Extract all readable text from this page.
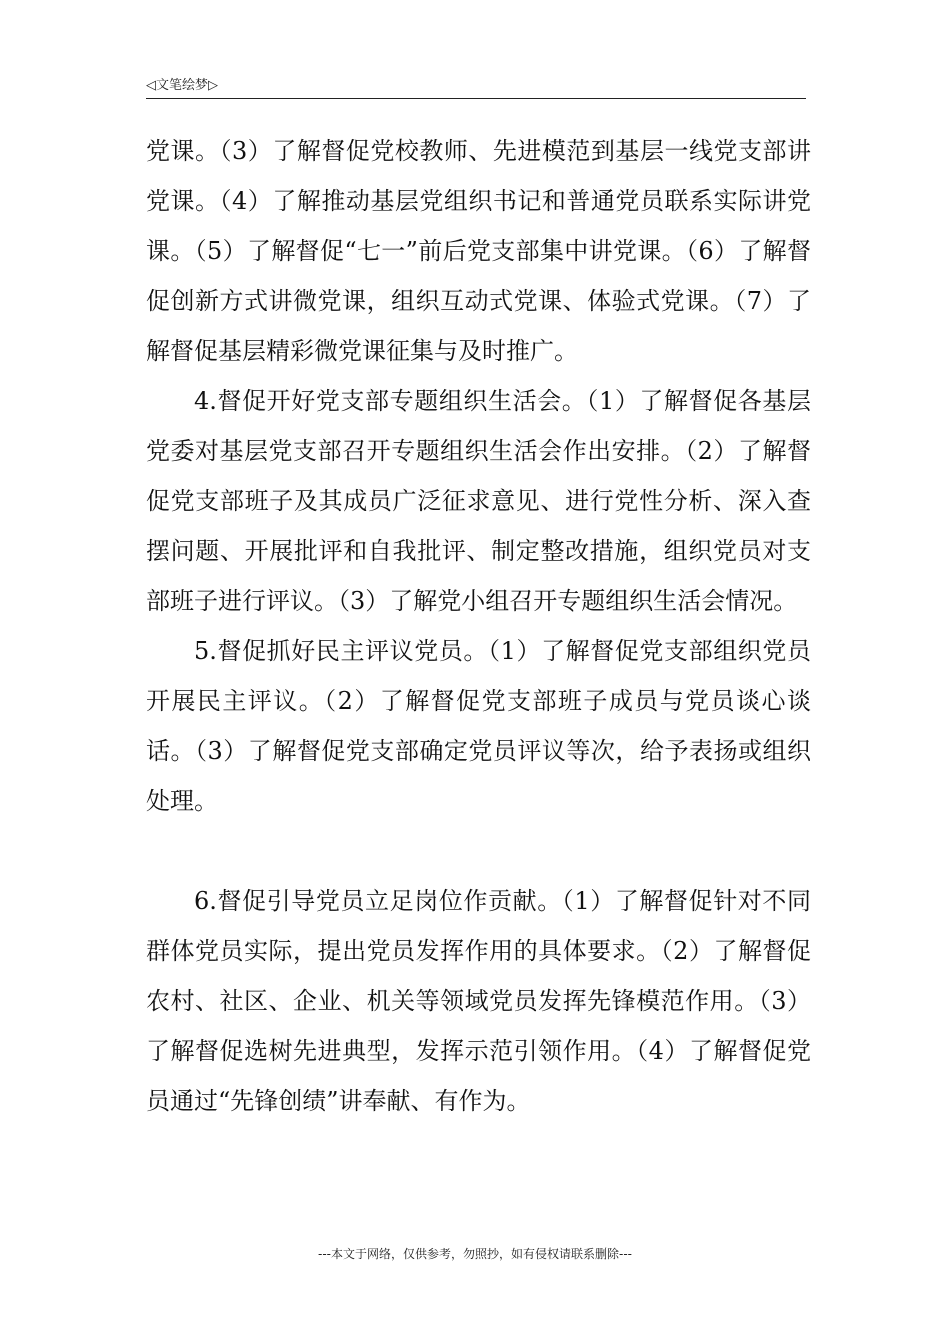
◁文笔绘梦▷

党课。（3）了解督促党校教师、先进模范到基层一线党支部讲党课。（4）了解推动基层党组织书记和普通党员联系实际讲党课。（5）了解督促“七一”前后党支部集中讲党课。（6）了解督促创新方式讲微党课，组织互动式党课、体验式党课。（7）了解督促基层精彩微党课征集与及时推广。

4.督促开好党支部专题组织生活会。（1）了解督促各基层党委对基层党支部召开专题组织生活会作出安排。（2）了解督促党支部班子及其成员广泛征求意见、进行党性分析、深入查摆问题、开展批评和自我批评、制定整改措施，组织党员对支部班子进行评议。（3）了解党小组召开专题组织生活会情况。

5.督促抓好民主评议党员。（1）了解督促党支部组织党员开展民主评议。（2）了解督促党支部班子成员与党员谈心谈话。（3）了解督促党支部确定党员评议等次，给予表扬或组织处理。

6.督促引导党员立足岗位作贡献。（1）了解督促针对不同群体党员实际，提出党员发挥作用的具体要求。（2）了解督促农村、社区、企业、机关等领域党员发挥先锋模范作用。（3）了解督促选树先进典型，发挥示范引领作用。（4）了解督促党员通过“先锋创绩”讲奉献、有作为。

---本文于网络，仅供参考，勿照抄，如有侵权请联系删除---
